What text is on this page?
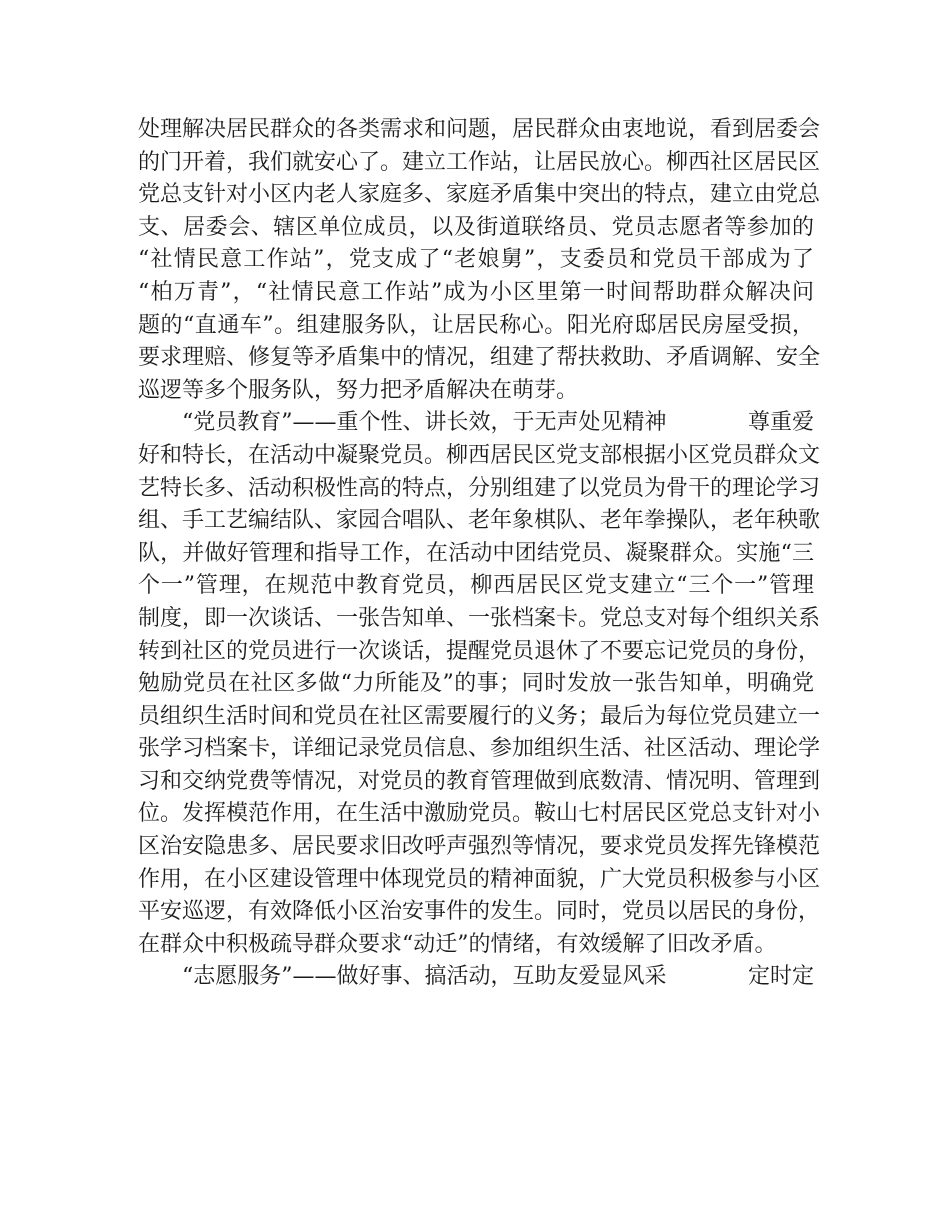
处理解决居民群众的各类需求和问题，居民群众由衷地说，看到居委会
的门开着，我们就安心了。建立工作站，让居民放心。柳西社区居民区
党总支针对小区内老人家庭多、家庭矛盾集中突出的特点，建立由党总
支、居委会、辖区单位成员，以及街道联络员、党员志愿者等参加的
“社情民意工作站”，党支成了“老娘舅”，支委员和党员干部成为了
“柏万青”，“社情民意工作站”成为小区里第一时间帮助群众解决问
题的“直通车”。组建服务队，让居民称心。阳光府邸居民房屋受损，
要求理赔、修复等矛盾集中的情况，组建了帮扶救助、矛盾调解、安全
巡逻等多个服务队，努力把矛盾解决在萌芽。
“党员教育”——重个性、讲长效，于无声处见精神	尊重爱
好和特长，在活动中凝聚党员。柳西居民区党支部根据小区党员群众文
艺特长多、活动积极性高的特点，分别组建了以党员为骨干的理论学习
组、手工艺编结队、家园合唱队、老年象棋队、老年拳操队，老年秧歌
队，并做好管理和指导工作，在活动中团结党员、凝聚群众。实施“三
个一”管理，在规范中教育党员，柳西居民区党支建立“三个一”管理
制度，即一次谈话、一张告知单、一张档案卡。党总支对每个组织关系
转到社区的党员进行一次谈话，提醒党员退休了不要忘记党员的身份，
勉励党员在社区多做“力所能及”的事；同时发放一张告知单，明确党
员组织生活时间和党员在社区需要履行的义务；最后为每位党员建立一
张学习档案卡，详细记录党员信息、参加组织生活、社区活动、理论学
习和交纳党费等情况，对党员的教育管理做到底数清、情况明、管理到
位。发挥模范作用，在生活中激励党员。鞍山七村居民区党总支针对小
区治安隐患多、居民要求旧改呼声强烈等情况，要求党员发挥先锋模范
作用，在小区建设管理中体现党员的精神面貌，广大党员积极参与小区
平安巡逻，有效降低小区治安事件的发生。同时，党员以居民的身份，
在群众中积极疏导群众要求“动迁”的情绪，有效缓解了旧改矛盾。
“志愿服务”——做好事、搞活动，互助友爱显风采	定时定
